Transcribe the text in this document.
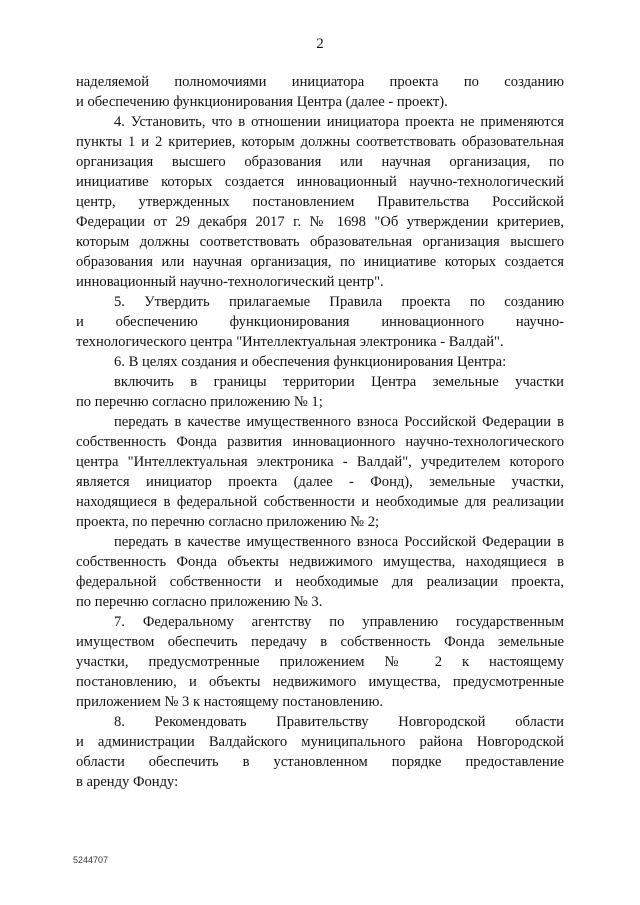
2
наделяемой полномочиями инициатора проекта по созданию
и обеспечению функционирования Центра (далее - проект).
4. Установить, что в отношении инициатора проекта не применяются
пункты 1 и 2 критериев, которым должны соответствовать образовательная
организация высшего образования или научная организация, по
инициативе которых создается инновационный научно-технологический
центр, утвержденных постановлением Правительства Российской
Федерации от 29 декабря 2017 г. № 1698 "Об утверждении критериев,
которым должны соответствовать образовательная организация высшего
образования или научная организация, по инициативе которых создается
инновационный научно-технологический центр".
5. Утвердить прилагаемые Правила проекта по созданию
и обеспечению функционирования инновационного научно-
технологического центра "Интеллектуальная электроника - Валдай".
6. В целях создания и обеспечения функционирования Центра:
включить в границы территории Центра земельные участки
по перечню согласно приложению № 1;
передать в качестве имущественного взноса Российской Федерации в
собственность Фонда развития инновационного научно-технологического
центра "Интеллектуальная электроника - Валдай", учредителем которого
является инициатор проекта (далее - Фонд), земельные участки,
находящиеся в федеральной собственности и необходимые для реализации
проекта, по перечню согласно приложению № 2;
передать в качестве имущественного взноса Российской Федерации в
собственность Фонда объекты недвижимого имущества, находящиеся в
федеральной собственности и необходимые для реализации проекта,
по перечню согласно приложению № 3.
7. Федеральному агентству по управлению государственным
имуществом обеспечить передачу в собственность Фонда земельные
участки, предусмотренные приложением № 2 к настоящему
постановлению, и объекты недвижимого имущества, предусмотренные
приложением № 3 к настоящему постановлению.
8. Рекомендовать Правительству Новгородской области
и администрации Валдайского муниципального района Новгородской
области обеспечить в установленном порядке предоставление
в аренду Фонду:
5244707
